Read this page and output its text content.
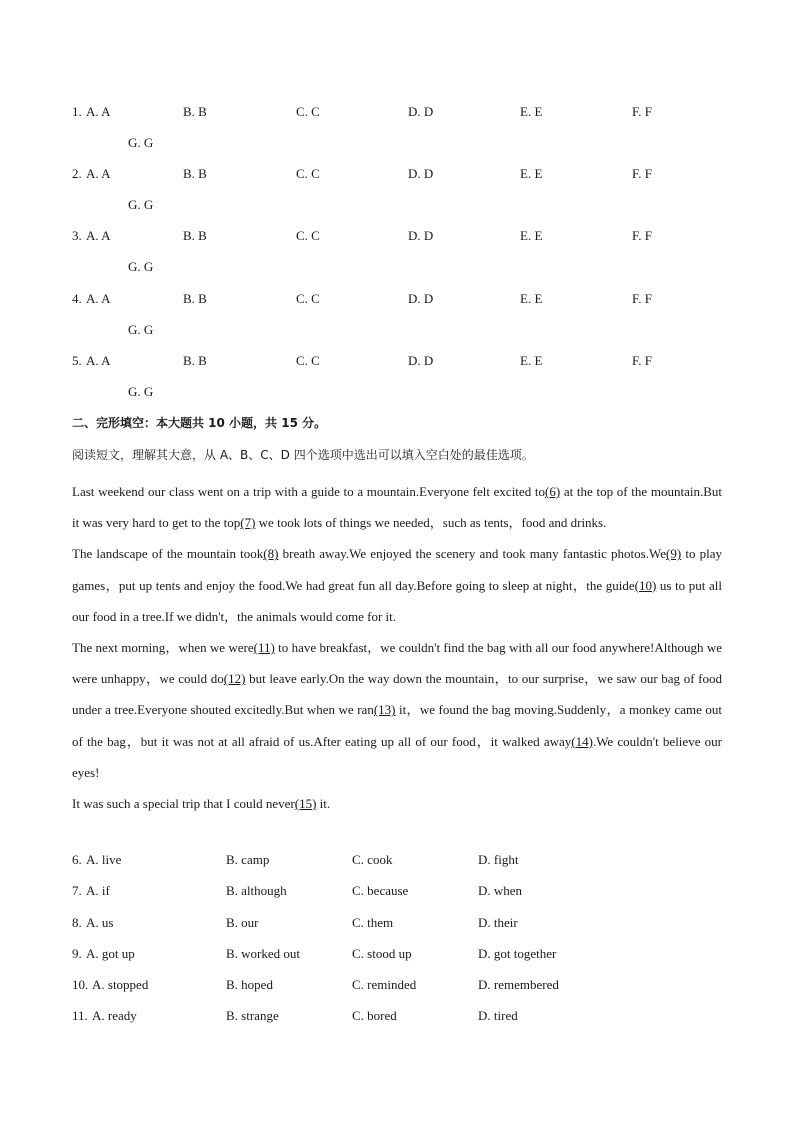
1. A. A	B. B	C. C	D. D	E. E	F. F
G. G
2. A. A	B. B	C. C	D. D	E. E	F. F
G. G
3. A. A	B. B	C. C	D. D	E. E	F. F
G. G
4. A. A	B. B	C. C	D. D	E. E	F. F
G. G
5. A. A	B. B	C. C	D. D	E. E	F. F
G. G
二、完形填空：本大题共 10 小题，共 15 分。
阅读短文，理解其大意，从 A、B、C、D 四个选项中选出可以填入空白处的最佳选项。

Last weekend our class went on a trip with a guide to a mountain.Everyone felt excited to(6) at the top of the mountain.But it was very hard to get to the top(7) we took lots of things we needed，such as tents，food and drinks.

The landscape of the mountain took(8) breath away.We enjoyed the scenery and took many fantastic photos.We(9) to play games，put up tents and enjoy the food.We had great fun all day.Before going to sleep at night，the guide(10) us to put all our food in a tree.If we didn't，the animals would come for it.

The next morning，when we were(11) to have breakfast，we couldn't find the bag with all our food anywhere!Although we were unhappy，we could do(12) but leave early.On the way down the mountain，to our surprise，we saw our bag of food under a tree.Everyone shouted excitedly.But when we ran(13) it，we found the bag moving.Suddenly，a monkey came out of the bag，but it was not at all afraid of us.After eating up all of our food，it walked away(14).We couldn't believe our eyes!

It was such a special trip that I could never(15) it.

6. A. live	B. camp	C. cook	D. fight
7. A. if	B. although	C. because	D. when
8. A. us	B. our	C. them	D. their
9. A. got up	B. worked out	C. stood up	D. got together
10. A. stopped	B. hoped	C. reminded	D. remembered
11. A. ready	B. strange	C. bored	D. tired
